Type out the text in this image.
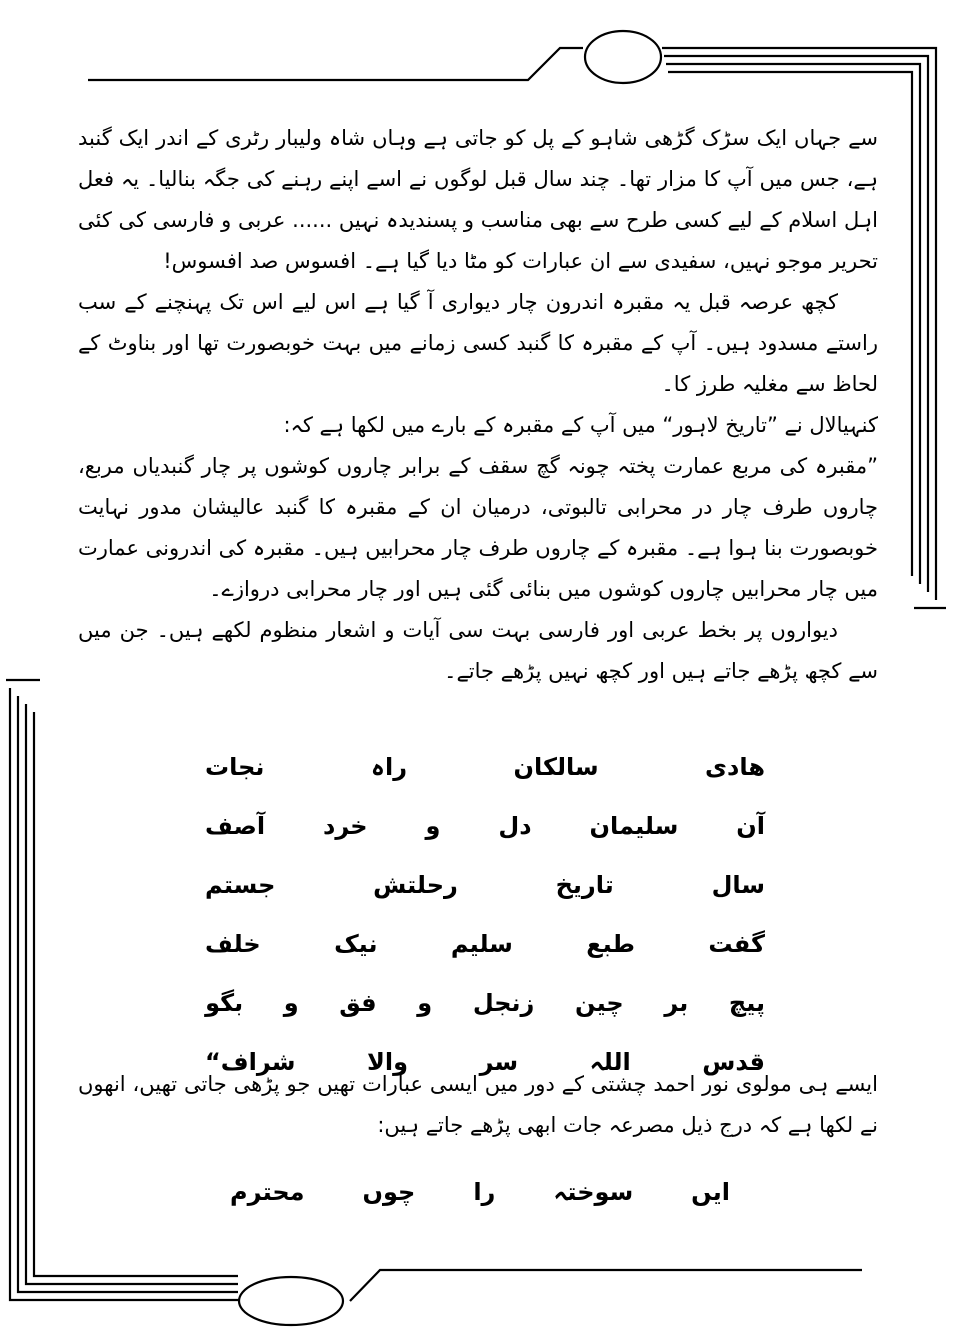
سے جہاں ایک سڑک گڑھی شاہو کے پل کو جاتی ہے وہاں شاہ ولیبار رٹری کے اندر ایک گنبد ہے، جس میں آپ کا مزار تھا۔ چند سال قبل لوگوں نے اسے اپنے رہنے کی جگہ بنالیا۔ یہ فعل اہل اسلام کے لیے کسی طرح سے بھی مناسب و پسندیدہ نہیں ...... عربی و فارسی کی کئی تحریر موجو نہیں، سفیدی سے ان عبارات کو مٹا دیا گیا ہے۔ افسوس صد افسوس!

کچھ عرصہ قبل یہ مقبرہ اندرون چار دیواری آ گیا ہے اس لیے اس تک پہنچنے کے سب راستے مسدود ہیں۔ آپ کے مقبرہ کا گنبد کسی زمانے میں بہت خوبصورت تھا اور بناوٹ کے لحاظ سے مغلیہ طرز کا۔

کنہیالال نے ”تاریخ لاہور“ میں آپ کے مقبرہ کے بارے میں لکھا ہے کہ:

”مقبرہ کی مربع عمارت پختہ چونہ گچ سقف کے برابر چاروں کوشوں پر چار گنبدیاں مربع، چاروں طرف چار در محرابی تالبوتی، درمیان ان کے مقبرہ کا گنبد عالیشان مدور نہایت خوبصورت بنا ہوا ہے۔ مقبرہ کے چاروں طرف چار محرابیں ہیں۔ مقبرہ کی اندرونی عمارت میں چار محرابیں چاروں کوشوں میں بنائی گئی ہیں اور چار محرابی دروازے۔

دیواروں پر بخط عربی اور فارسی بہت سی آیات و اشعار منظوم لکھے ہیں۔ جن میں سے کچھ پڑھے جاتے ہیں اور کچھ نہیں پڑھے جاتے۔

ھادی
سالکان
راہ
نجات
آن
سلیمان
دل
و
خرد
آصف
سال
تاریخ
رحلتش
جستم
گفت
طبع
سلیم
نیک
خلف
پیچ
بر
چین
زنجل
و
فق
و
بگو
قدس
اللہ
سر
والا
شراف“

ایسے ہی مولوی نور احمد چشتی کے دور میں ایسی عبارات تھیں جو پڑھی جاتی تھیں، انھوں نے لکھا ہے کہ درج ذیل مصرعہ جات ابھی پڑھے جاتے ہیں:

ایں
سوختہ
را
چوں
محترم
